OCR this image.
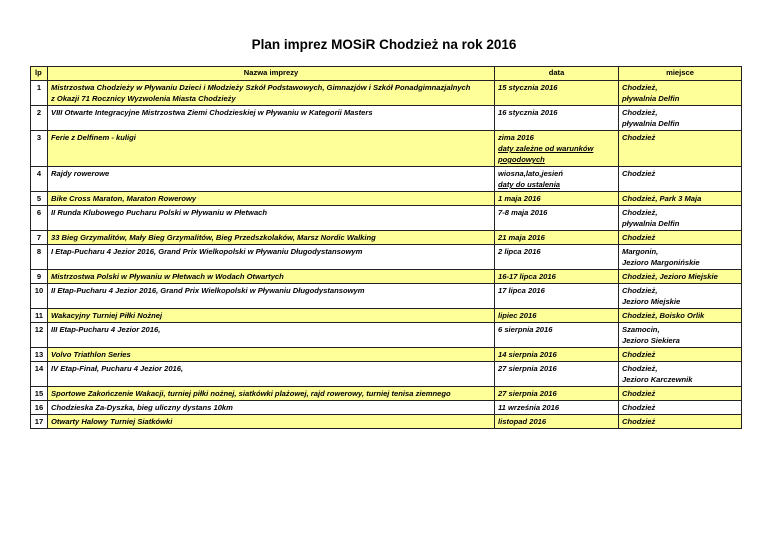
Plan imprez MOSiR Chodzież na rok 2016
lp	Nazwa imprezy	data	miejsce
1	Mistrzostwa Chodzieży w Pływaniu Dzieci i Młodzieży Szkół Podstawowych, Gimnazjów i Szkół Ponadgimnazjalnych
z Okazji 71 Rocznicy Wyzwolenia Miasta Chodzieży	15 stycznia 2016	Chodzież,
pływalnia Delfin

2	VIII Otwarte Integracyjne Mistrzostwa Ziemi Chodzieskiej w Pływaniu w Kategorii Masters	16 stycznia 2016	Chodzież,
pływalnia Delfin

3	Ferie z Delfinem - kuligi	zima 2016
daty zależne od warunków
pogodowych	Chodzież

4	Rajdy rowerowe	wiosna,lato,jesień
daty do ustalenia	Chodzież

5	Bike Cross Maraton, Maraton Rowerowy	1 maja 2016	Chodzież, Park 3 Maja

6	II Runda Klubowego Pucharu Polski w Pływaniu w Płetwach	7-8 maja 2016	Chodzież,
pływalnia Delfin

7	33 Bieg Grzymalitów, Mały Bieg Grzymalitów, Bieg Przedszkolaków, Marsz Nordic Walking	21 maja 2016	Chodzież

8	I Etap-Pucharu 4 Jezior 2016, Grand Prix Wielkopolski w Pływaniu Długodystansowym	2 lipca 2016	Margonin,
Jezioro Margonińskie

9	Mistrzostwa Polski w Pływaniu w Płetwach w Wodach Otwartych	16-17 lipca 2016	Chodzież, Jezioro Miejskie

10	II Etap-Pucharu 4 Jezior 2016, Grand Prix Wielkopolski w Pływaniu Długodystansowym	17 lipca 2016	Chodzież,
Jezioro Miejskie

11	Wakacyjny Turniej Piłki Nożnej	lipiec 2016	Chodzież, Boisko Orlik

12	III Etap-Pucharu 4 Jezior 2016,	6 sierpnia 2016	Szamocin,
Jezioro Siekiera

13	Volvo Triathlon Series	14 sierpnia 2016	Chodzież

14	IV Etap-Finał, Pucharu 4 Jezior 2016,	27 sierpnia 2016	Chodzież,
Jezioro Karczewnik

15	Sportowe Zakończenie Wakacji, turniej piłki nożnej, siatkówki plażowej, rajd rowerowy, turniej tenisa ziemnego	27 sierpnia 2016	Chodzież

16	Chodzieska Za-Dyszka, bieg uliczny dystans 10km	11 września 2016	Chodzież

17	Otwarty Halowy Turniej Siatkówki	listopad 2016	Chodzież
